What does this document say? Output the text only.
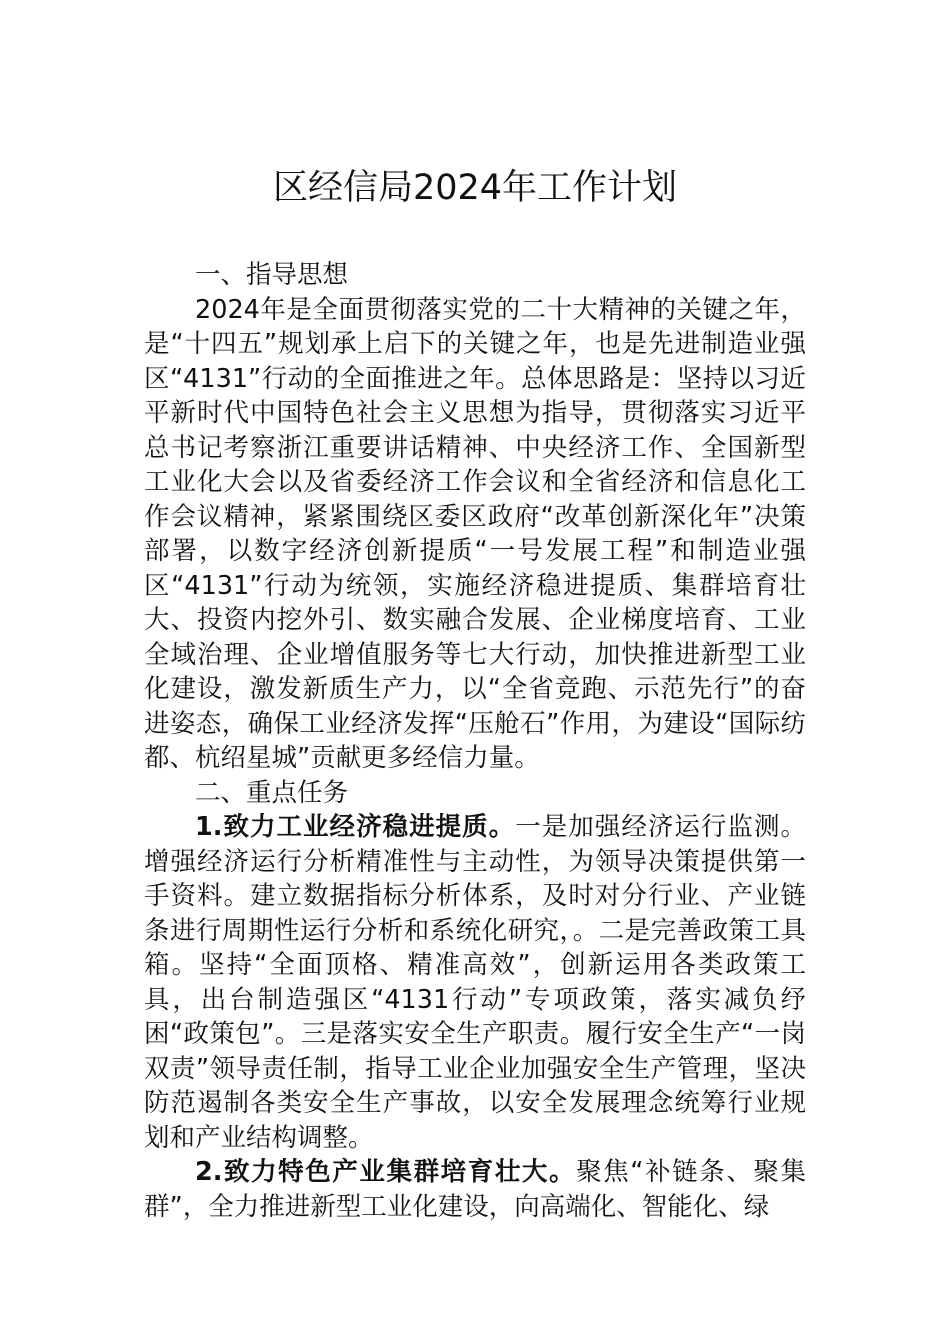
区经信局2024年工作计划

一、指导思想

2024年是全面贯彻落实党的二十大精神的关键之年，是“十四五”规划承上启下的关键之年，也是先进制造业强区“4131”行动的全面推进之年。总体思路是：坚持以习近平新时代中国特色社会主义思想为指导，贯彻落实习近平总书记考察浙江重要讲话精神、中央经济工作、全国新型工业化大会以及省委经济工作会议和全省经济和信息化工作会议精神，紧紧围绕区委区政府“改革创新深化年”决策部署，以数字经济创新提质“一号发展工程”和制造业强区“4131”行动为统领，实施经济稳进提质、集群培育壮大、投资内挖外引、数实融合发展、企业梯度培育、工业全域治理、企业增值服务等七大行动，加快推进新型工业化建设，激发新质生产力，以“全省竞跑、示范先行”的奋进姿态，确保工业经济发挥“压舱石”作用，为建设“国际纺都、杭绍星城”贡献更多经信力量。

二、重点任务

1.致力工业经济稳进提质。一是加强经济运行监测。增强经济运行分析精准性与主动性，为领导决策提供第一手资料。建立数据指标分析体系，及时对分行业、产业链条进行周期性运行分析和系统化研究，。二是完善政策工具箱。坚持“全面顶格、精准高效”，创新运用各类政策工具，出台制造强区“4131行动”专项政策，落实减负纾困“政策包”。三是落实安全生产职责。履行安全生产“一岗双责”领导责任制，指导工业企业加强安全生产管理，坚决防范遏制各类安全生产事故，以安全发展理念统筹行业规划和产业结构调整。

2.致力特色产业集群培育壮大。聚焦“补链条、聚集群”，全力推进新型工业化建设，向高端化、智能化、绿
